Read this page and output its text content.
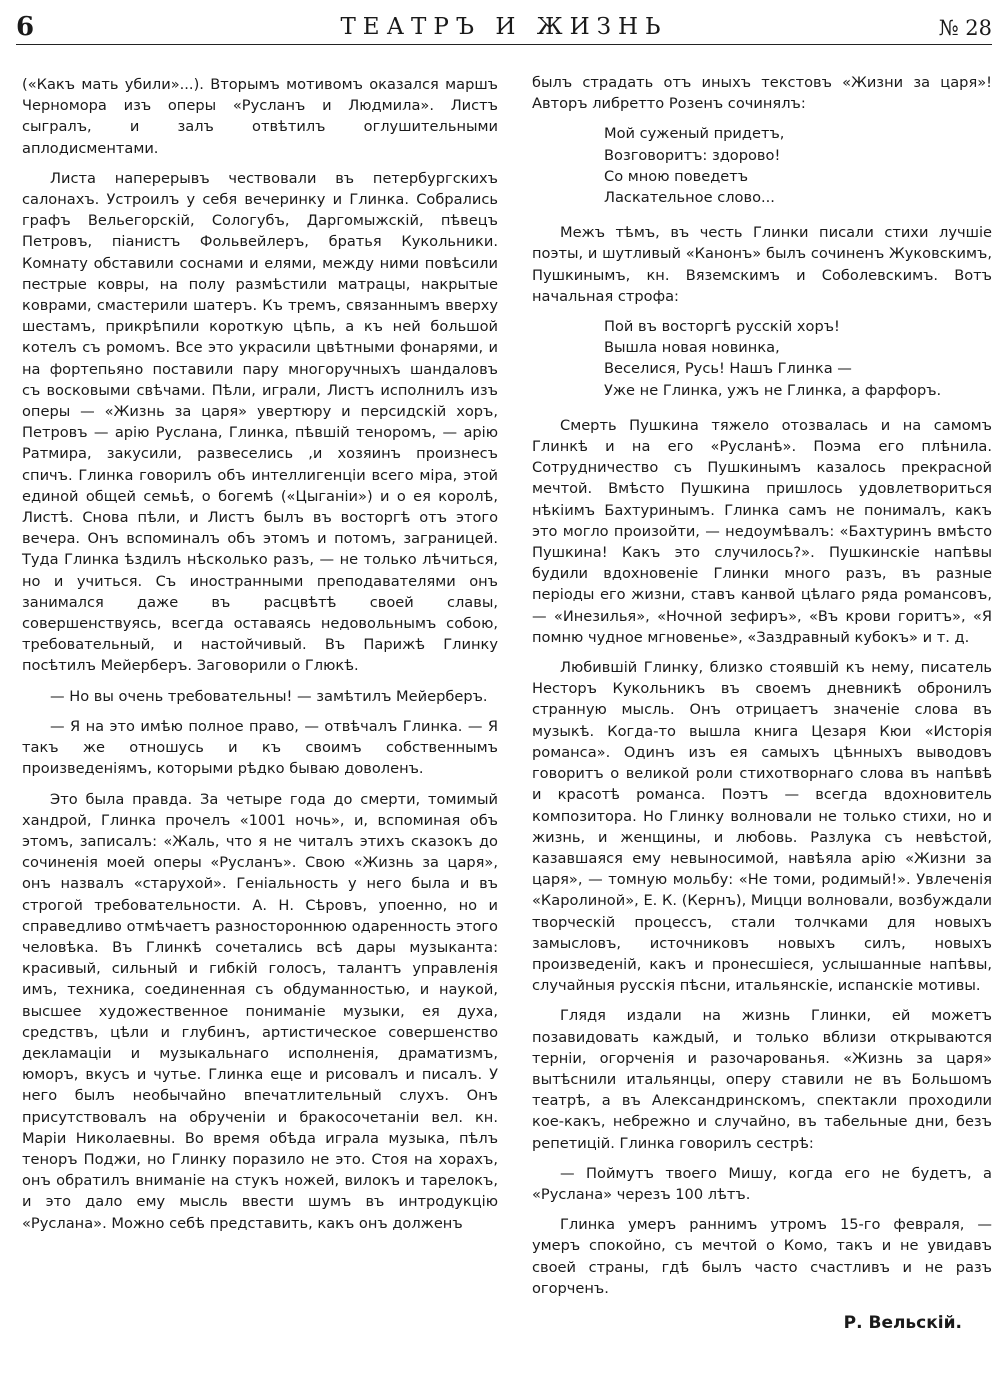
6	ТЕАТРЪ И ЖИЗНЬ	№ 28

(«Какъ мать убили»...). Вторымъ мотивомъ оказался маршъ Черномора изъ оперы «Русланъ и Людмила». Листъ сыгралъ, и залъ отвѣтилъ оглушительными аплодисментами.

Листа наперерывъ чествовали въ петербургскихъ салонахъ. Устроилъ у себя вечеринку и Глинка. Собрались графъ Вельегорскій, Сологубъ, Даргомыжскій, пѣвецъ Петровъ, піанистъ Фольвейлеръ, братья Кукольники. Комнату обставили соснами и елями, между ними повѣсили пестрые ковры, на полу размѣстили матрацы, накрытые коврами, смастерили шатеръ. Къ тремъ, связаннымъ вверху шестамъ, прикрѣпили короткую цѣпь, а къ ней большой котелъ съ ромомъ. Все это украсили цвѣтными фонарями, и на фортепьяно поставили пару многоручныхъ шандаловъ съ восковыми свѣчами. Пѣли, играли, Листъ исполнилъ изъ оперы — «Жизнь за царя» увертюру и персидскій хоръ, Петровъ — арію Руслана, Глинка, пѣвшій теноромъ, — арію Ратмира, закусили, развеселись ,и хозяинъ произнесъ спичъ. Глинка говорилъ объ интеллигенціи всего міра, этой единой общей семьѣ, о богемѣ («Цыганіи») и о ея королѣ, Листѣ. Снова пѣли, и Листъ былъ въ восторгѣ отъ этого вечера. Онъ вспоминалъ объ этомъ и потомъ, заграницей. Туда Глинка ѣздилъ нѣсколько разъ, — не только лѣчиться, но и учиться. Съ иностранными преподавателями онъ занимался даже въ расцвѣтѣ своей славы, совершенствуясь, всегда оставаясь недовольнымъ собою, требовательный, и настойчивый. Въ Парижѣ Глинку посѣтилъ Мейерберъ. Заговорили о Глюкѣ.

— Но вы очень требовательны! — замѣтилъ Мейерберъ.

— Я на это имѣю полное право, — отвѣчалъ Глинка. — Я такъ же отношусь и къ своимъ собственнымъ произведеніямъ, которыми рѣдко бываю доволенъ.

Это была правда. За четыре года до смерти, томимый хандрой, Глинка прочелъ «1001 ночь», и, вспоминая объ этомъ, записалъ: «Жаль, что я не читалъ этихъ сказокъ до сочиненія моей оперы «Русланъ». Свою «Жизнь за царя», онъ назвалъ «старухой». Геніальность у него была и въ строгой требовательности. А. Н. Сѣровъ, упоенно, но и справедливо отмѣчаетъ разностороннюю одаренность этого человѣка. Въ Глинкѣ сочетались всѣ дары музыканта: красивый, сильный и гибкій голосъ, талантъ управленія имъ, техника, соединенная съ обдуманностью, и наукой, высшее художественное пониманіе музыки, ея духа, средствъ, цѣли и глубинъ, артистическое совершенство декламаціи и музыкальнаго исполненія, драматизмъ, юморъ, вкусъ и чутье. Глинка еще и рисовалъ и писалъ. У него былъ необычайно впечатлительный слухъ. Онъ присутствовалъ на обрученіи и бракосочетаніи вел. кн. Маріи Николаевны. Во время обѣда играла музыка, пѣлъ теноръ Поджи, но Глинку поразило не это. Стоя на хорахъ, онъ обратилъ вниманіе на стукъ ножей, вилокъ и тарелокъ, и это дало ему мысль ввести шумъ въ интродукцію «Руслана». Можно себѣ представить, какъ онъ долженъ

былъ страдать отъ иныхъ текстовъ «Жизни за царя»! Авторъ либретто Розенъ сочинялъ:

Мой суженый придетъ,
Возговоритъ: здорово!
Со мною поведетъ
Ласкательное слово...

Межъ тѣмъ, въ честь Глинки писали стихи лучшіе поэты, и шутливый «Канонъ» былъ сочиненъ Жуковскимъ, Пушкинымъ, кн. Вяземскимъ и Соболевскимъ. Вотъ начальная строфа:

Пой въ восторгѣ русскій хоръ!
Вышла новая новинка,
Веселися, Русь! Нашъ Глинка —
Уже не Глинка, ужъ не Глинка, а фарфоръ.

Смерть Пушкина тяжело отозвалась и на самомъ Глинкѣ и на его «Русланѣ». Поэма его плѣнила. Сотрудничество съ Пушкинымъ казалось прекрасной мечтой. Вмѣсто Пушкина пришлось удовлетвориться нѣкіимъ Бахтуринымъ. Глинка самъ не понималъ, какъ это могло произойти, — недоумѣвалъ: «Бахтуринъ вмѣсто Пушкина! Какъ это случилось?». Пушкинскіе напѣвы будили вдохновеніе Глинки много разъ, въ разные періоды его жизни, ставъ канвой цѣлаго ряда романсовъ, — «Инезилья», «Ночной зефиръ», «Въ крови горитъ», «Я помню чудное мгновенье», «Заздравный кубокъ» и т. д.

Любившій Глинку, близко стоявшій къ нему, писатель Несторъ Кукольникъ въ своемъ дневникѣ обронилъ странную мысль. Онъ отрицаетъ значеніе слова въ музыкѣ. Когда-то вышла книга Цезаря Кюи «Исторія романса». Одинъ изъ ея самыхъ цѣнныхъ выводовъ говоритъ о великой роли стихотворнаго слова въ напѣвѣ и красотѣ романса. Поэтъ — всегда вдохновитель композитора. Но Глинку волновали не только стихи, но и жизнь, и женщины, и любовь. Разлука съ невѣстой, казавшаяся ему невыносимой, навѣяла арію «Жизни за царя», — томную мольбу: «Не томи, родимый!». Увлеченія «Каролиной», Е. К. (Кернъ), Мицци волновали, возбуждали творческій процессъ, стали толчками для новыхъ замысловъ, источниковъ новыхъ силъ, новыхъ произведеній, какъ и пронесшіеся, услышанные напѣвы, случайныя русскія пѣсни, итальянскіе, испанскіе мотивы.

Глядя издали на жизнь Глинки, ей можетъ позавидовать каждый, и только вблизи открываются терніи, огорченія и разочарованья. «Жизнь за царя» вытѣснили итальянцы, оперу ставили не въ Большомъ театрѣ, а въ Александринскомъ, спектакли проходили кое-какъ, небрежно и случайно, въ табельные дни, безъ репетицій. Глинка говорилъ сестрѣ:

— Поймутъ твоего Мишу, когда его не будетъ, а «Руслана» черезъ 100 лѣтъ.

Глинка умеръ раннимъ утромъ 15-го февраля, — умеръ спокойно, съ мечтой о Комо, такъ и не увидавъ своей страны, гдѣ былъ часто счастливъ и не разъ огорченъ.

Р. Вельскій.
